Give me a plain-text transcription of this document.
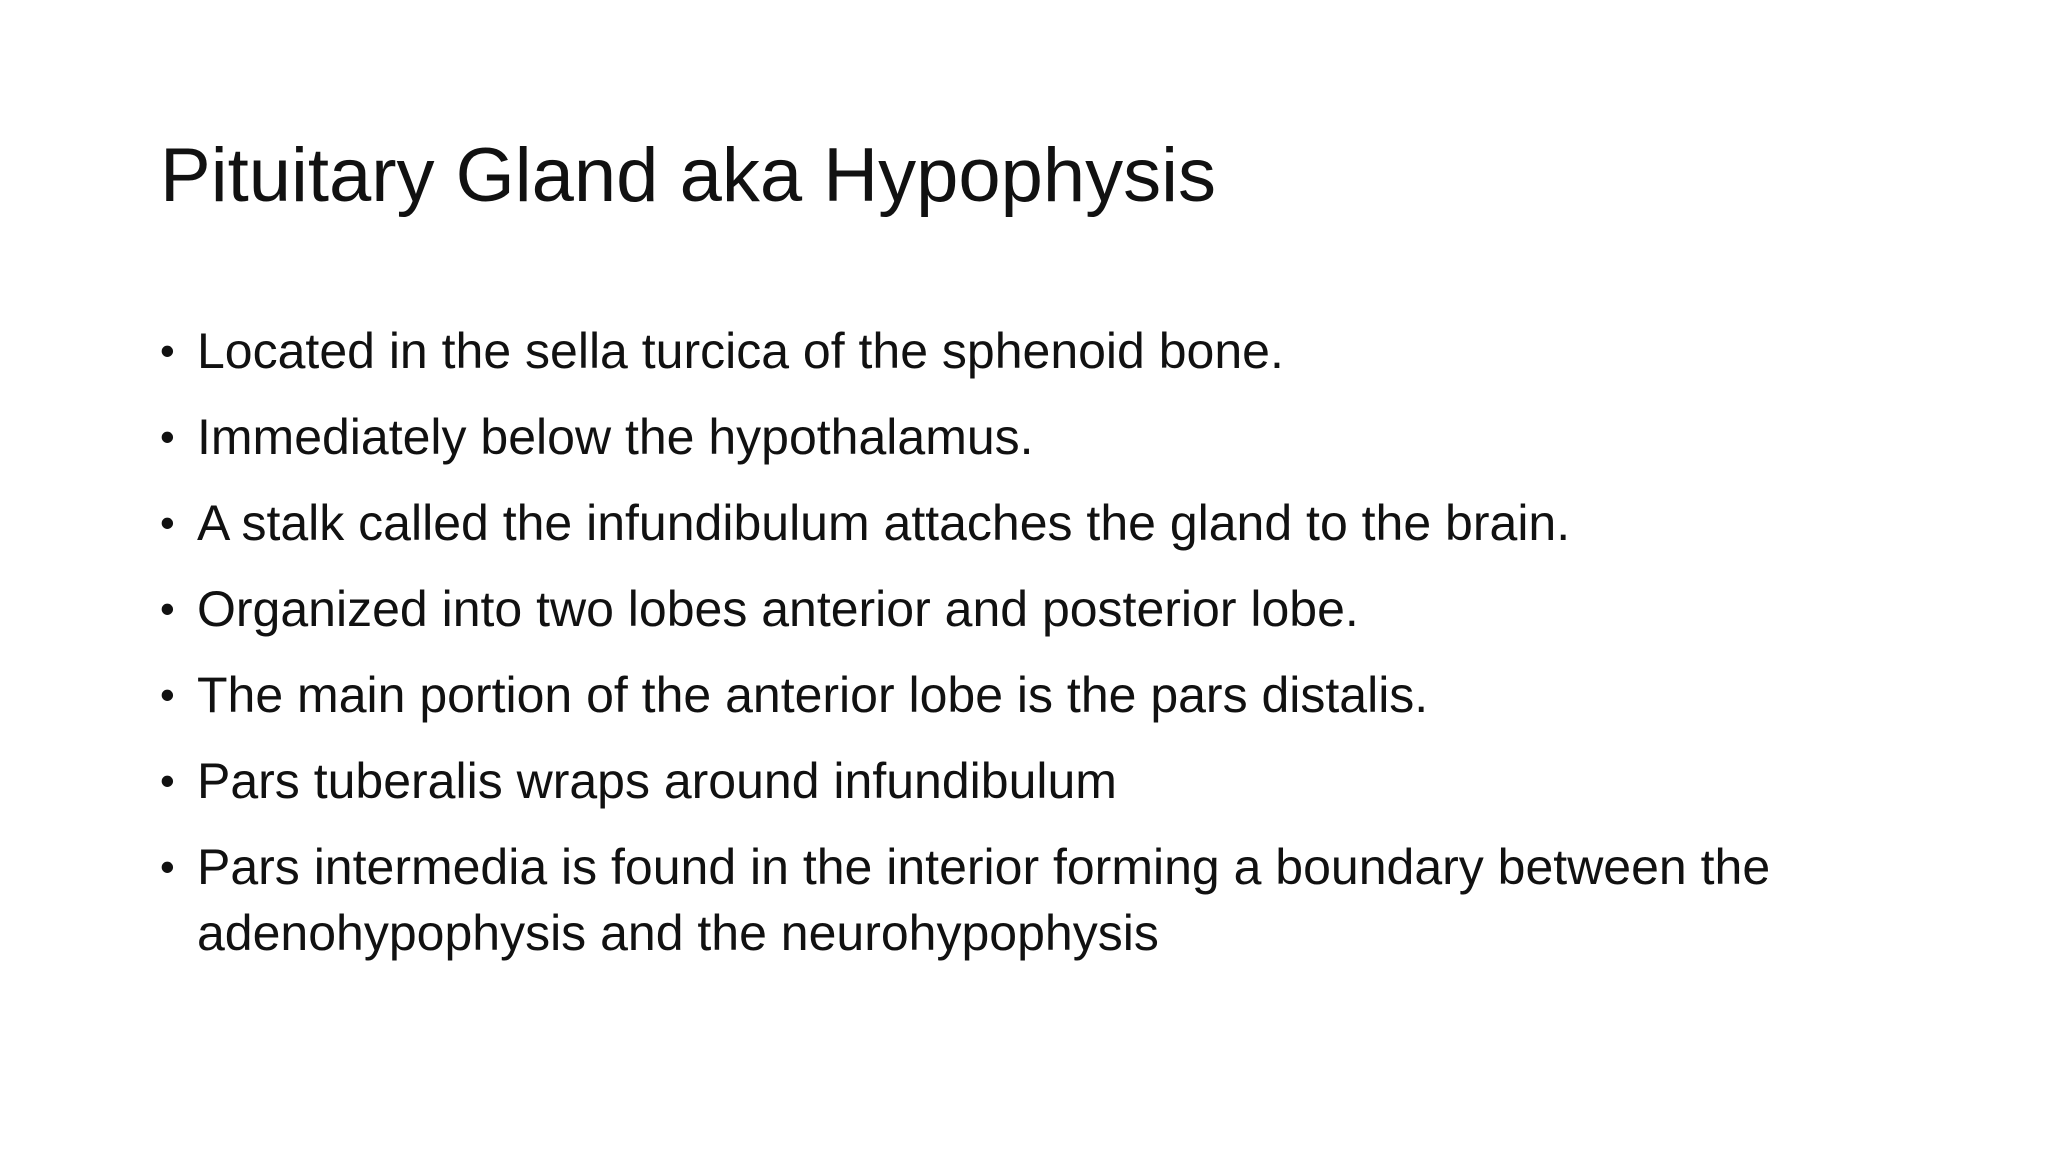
Pituitary Gland aka Hypophysis
• Located in the sella turcica of the sphenoid bone.
• Immediately below the hypothalamus.
• A stalk called the infundibulum attaches the gland to the brain.
• Organized into two lobes anterior and posterior lobe.
• The main portion of the anterior lobe is the pars distalis.
• Pars tuberalis wraps around infundibulum
• Pars intermedia is found in the interior forming a boundary between the adenohypophysis and the neurohypophysis
